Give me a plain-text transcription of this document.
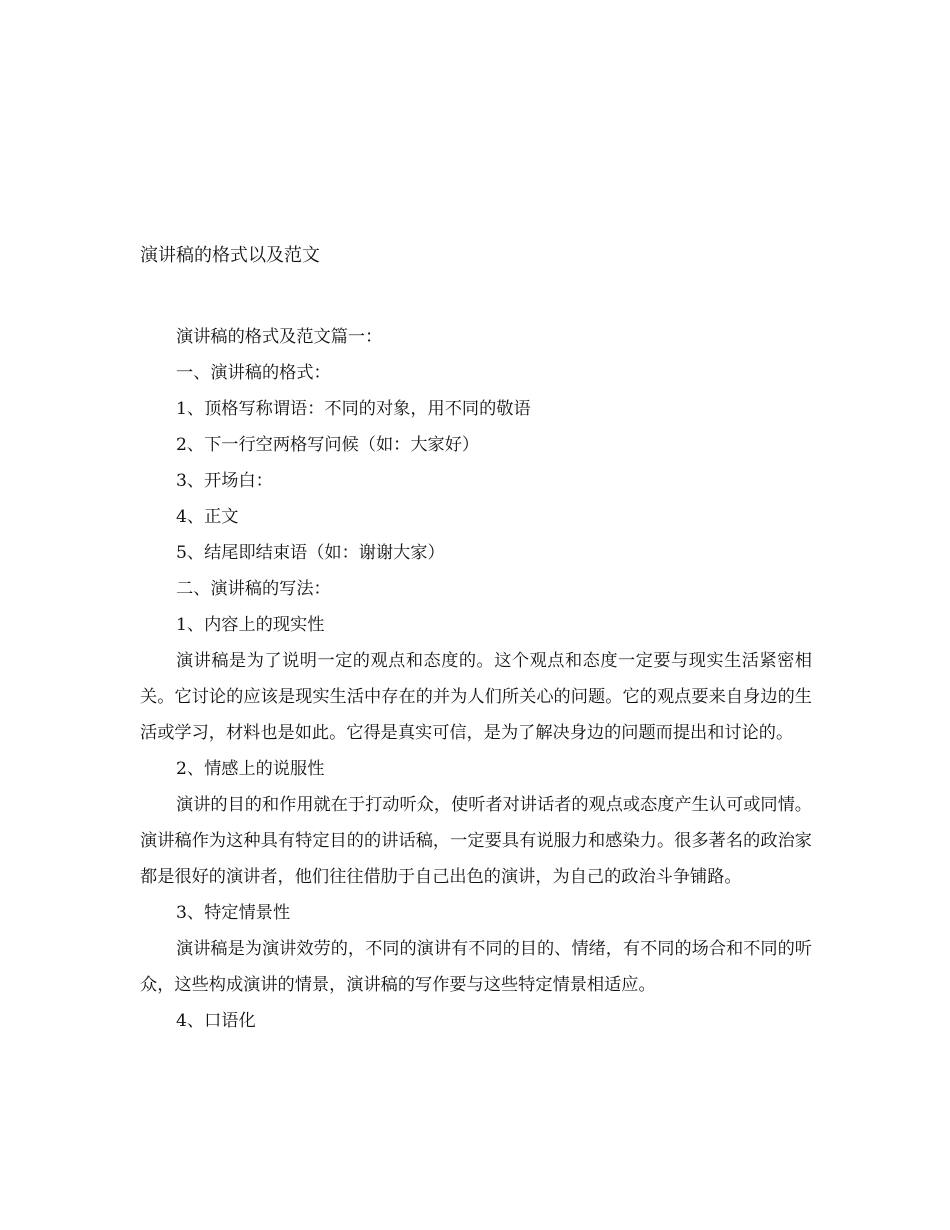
演讲稿的格式以及范文

演讲稿的格式及范文篇一：

一、演讲稿的格式：

1、顶格写称谓语：不同的对象，用不同的敬语

2、下一行空两格写问候（如：大家好）

3、开场白：

4、正文

5、结尾即结束语（如：谢谢大家）

二、演讲稿的写法：

1、内容上的现实性

演讲稿是为了说明一定的观点和态度的。这个观点和态度一定要与现实生活紧密相关。它讨论的应该是现实生活中存在的并为人们所关心的问题。它的观点要来自身边的生活或学习，材料也是如此。它得是真实可信，是为了解决身边的问题而提出和讨论的。

2、情感上的说服性

演讲的目的和作用就在于打动听众，使听者对讲话者的观点或态度产生认可或同情。演讲稿作为这种具有特定目的的讲话稿，一定要具有说服力和感染力。很多著名的政治家都是很好的演讲者，他们往往借肋于自己出色的演讲，为自己的政治斗争铺路。

3、特定情景性

演讲稿是为演讲效劳的，不同的演讲有不同的目的、情绪，有不同的场合和不同的听众，这些构成演讲的情景，演讲稿的写作要与这些特定情景相适应。

4、口语化
